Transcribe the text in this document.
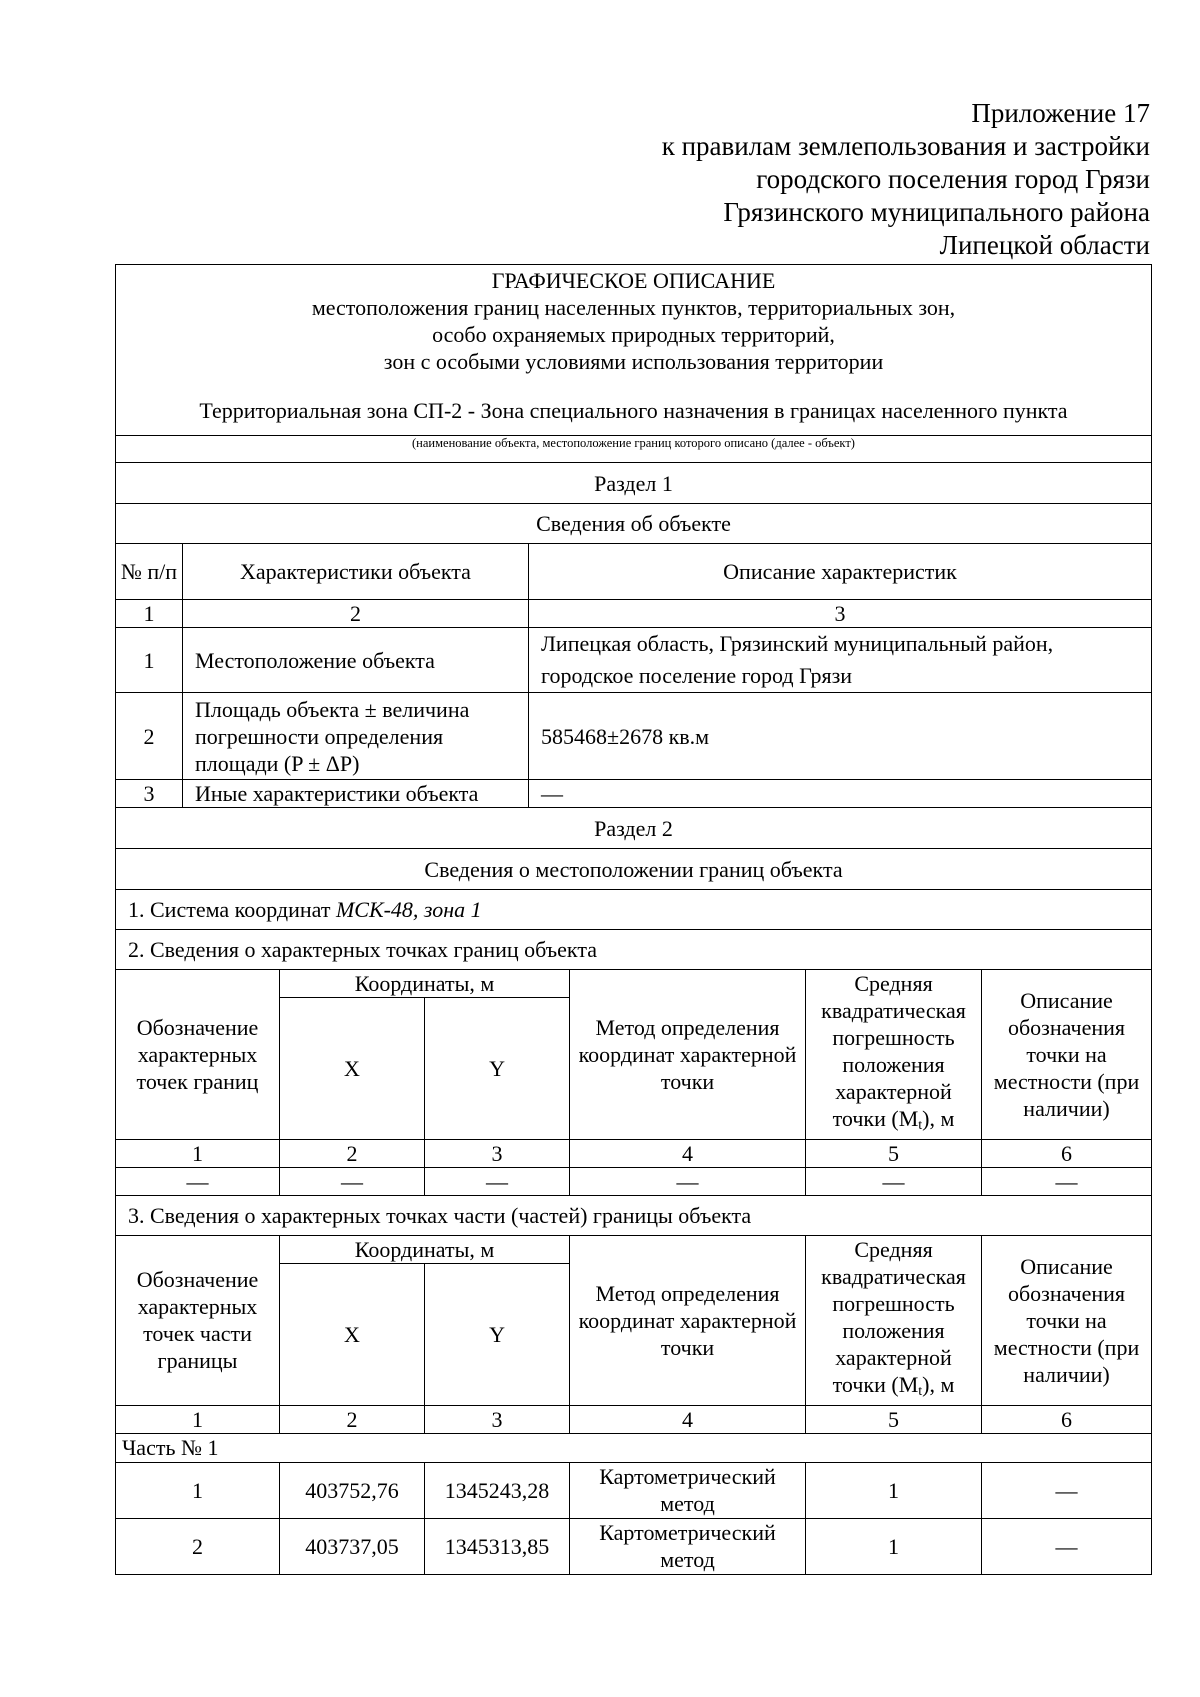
Приложение 17
к правилам землепользования и застройки
городского поселения город Грязи
Грязинского муниципального района
Липецкой области
ГРАФИЧЕСКОЕ ОПИСАНИЕ
местоположения границ населенных пунктов, территориальных зон,
особо охраняемых природных территорий,
зон с особыми условиями использования территории
Территориальная зона СП-2 - Зона специального назначения в границах населенного пункта		

(наименование объекта, местоположение границ которого описано (далее - объект)		
Раздел 1		
Сведения об объекте		
№ п/п	Характеристики объекта	Описание характеристик
1	2	3
1	Местоположение объекта	Липецкая область, Грязинский муниципальный район, городское поселение город Грязи
2	Площадь объекта ± величина погрешности определения площади (P ± ΔP)	585468±2678 кв.м
3	Иные характеристики объекта	—
Раздел 2		
Сведения о местоположении границ объекта		
1. Система координат МСК-48, зона 1		
2. Сведения о характерных точках границ объекта		
Обозначение характерных точек границ	Координаты, м		Метод определения координат характерной точки	Средняя квадратическая погрешность положения характерной точки $(M_t)$, м	Описание обозначения точки на местности (при наличии)
	X	Y			
1	2	3	4	5	6
—	—	—	—	—	—
3. Сведения о характерных точках части (частей) границы объекта					
Обозначение характерных точек части границы	Координаты, м		Метод определения координат характерной точки	Средняя квадратическая погрешность положения характерной точки $(M_t)$, м	Описание обозначения точки на местности (при наличии)
	X	Y			
1	2	3	4	5	6
Часть № 1					
1	403752,76	1345243,28	Картометрический метод	1	—
2	403737,05	1345313,85	Картометрический метод	1	—
